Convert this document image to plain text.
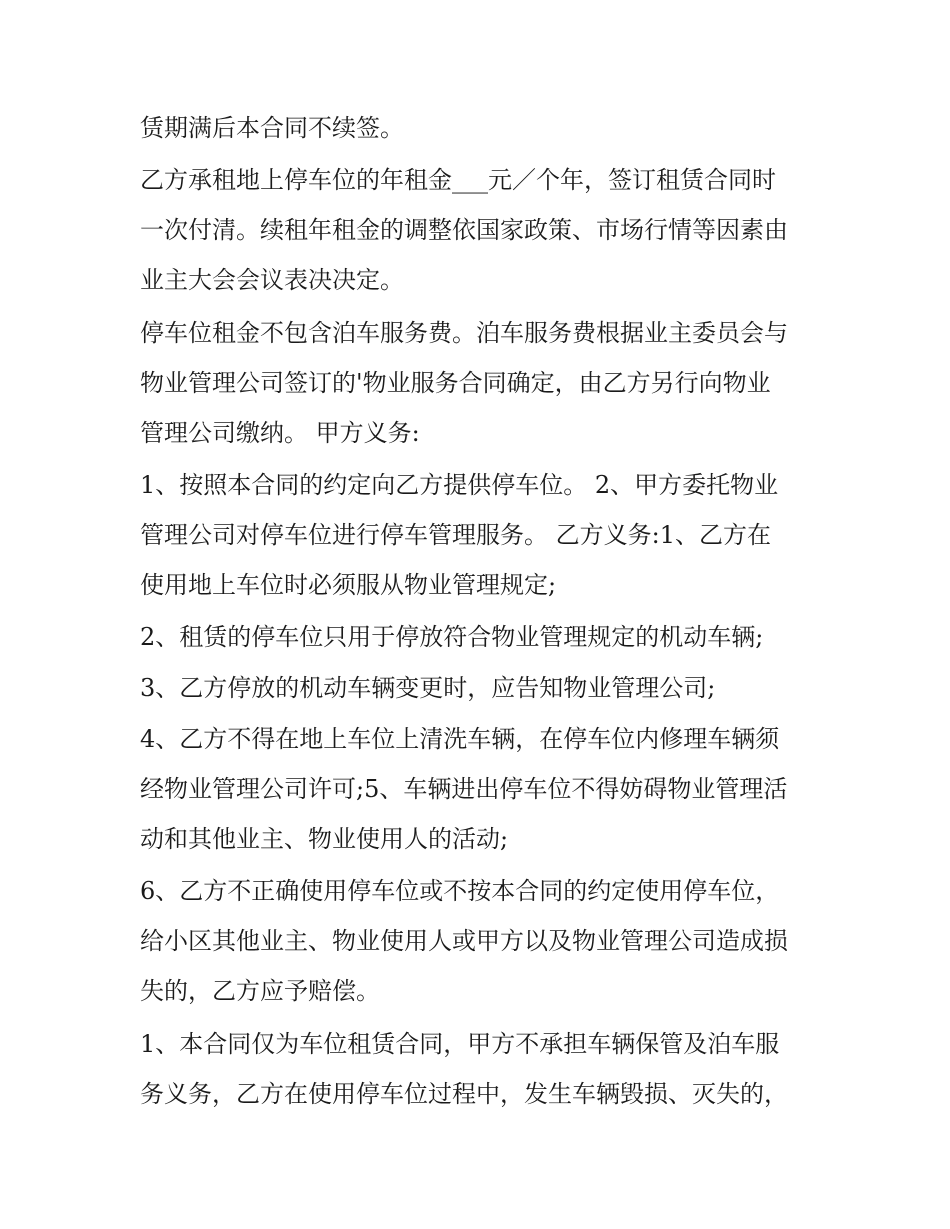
赁期满后本合同不续签。
乙方承租地上停车位的年租金___元／个年，签订租赁合同时
一次付清。续租年租金的调整依国家政策、市场行情等因素由
业主大会会议表决决定。
停车位租金不包含泊车服务费。泊车服务费根据业主委员会与
物业管理公司签订的'物业服务合同确定，由乙方另行向物业
管理公司缴纳。 甲方义务:
1、按照本合同的约定向乙方提供停车位。 2、甲方委托物业
管理公司对停车位进行停车管理服务。 乙方义务:1、乙方在
使用地上车位时必须服从物业管理规定;
2、租赁的停车位只用于停放符合物业管理规定的机动车辆;
3、乙方停放的机动车辆变更时，应告知物业管理公司;
4、乙方不得在地上车位上清洗车辆，在停车位内修理车辆须
经物业管理公司许可;5、车辆进出停车位不得妨碍物业管理活
动和其他业主、物业使用人的活动;
6、乙方不正确使用停车位或不按本合同的约定使用停车位，
给小区其他业主、物业使用人或甲方以及物业管理公司造成损
失的，乙方应予赔偿。
1、本合同仅为车位租赁合同，甲方不承担车辆保管及泊车服
务义务，乙方在使用停车位过程中，发生车辆毁损、灭失的，
